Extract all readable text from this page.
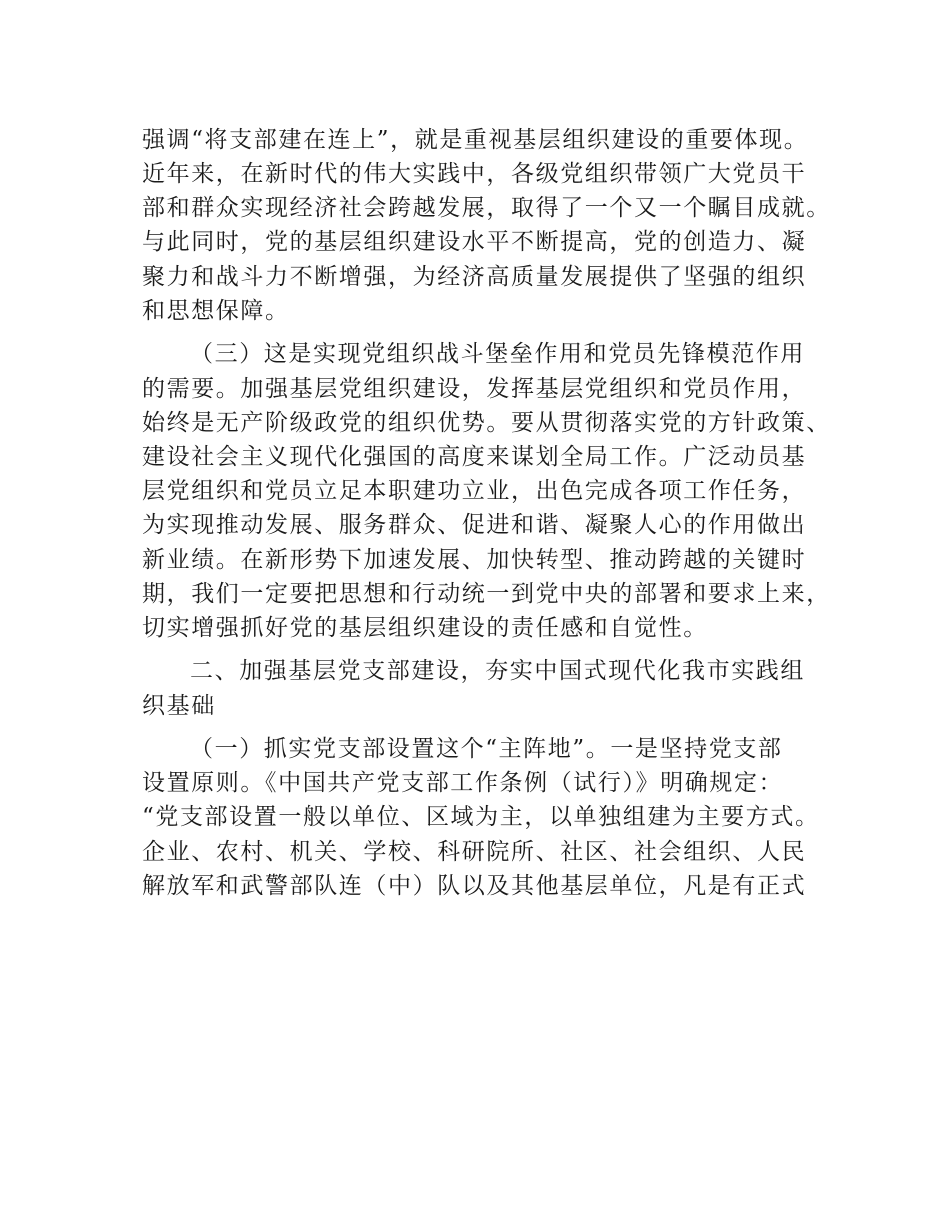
强调“将支部建在连上”，就是重视基层组织建设的重要体现。
近年来，在新时代的伟大实践中，各级党组织带领广大党员干
部和群众实现经济社会跨越发展，取得了一个又一个瞩目成就。
与此同时，党的基层组织建设水平不断提高，党的创造力、凝
聚力和战斗力不断增强，为经济高质量发展提供了坚强的组织
和思想保障。
（三）这是实现党组织战斗堡垒作用和党员先锋模范作用
的需要。加强基层党组织建设，发挥基层党组织和党员作用，
始终是无产阶级政党的组织优势。要从贯彻落实党的方针政策、
建设社会主义现代化强国的高度来谋划全局工作。广泛动员基
层党组织和党员立足本职建功立业，出色完成各项工作任务，
为实现推动发展、服务群众、促进和谐、凝聚人心的作用做出
新业绩。在新形势下加速发展、加快转型、推动跨越的关键时
期，我们一定要把思想和行动统一到党中央的部署和要求上来，
切实增强抓好党的基层组织建设的责任感和自觉性。
二、加强基层党支部建设，夯实中国式现代化我市实践组
织基础
（一）抓实党支部设置这个“主阵地”。一是坚持党支部
设置原则。《中国共产党支部工作条例（试行）》明确规定：
“党支部设置一般以单位、区域为主，以单独组建为主要方式。
企业、农村、机关、学校、科研院所、社区、社会组织、人民
解放军和武警部队连（中）队以及其他基层单位，凡是有正式
